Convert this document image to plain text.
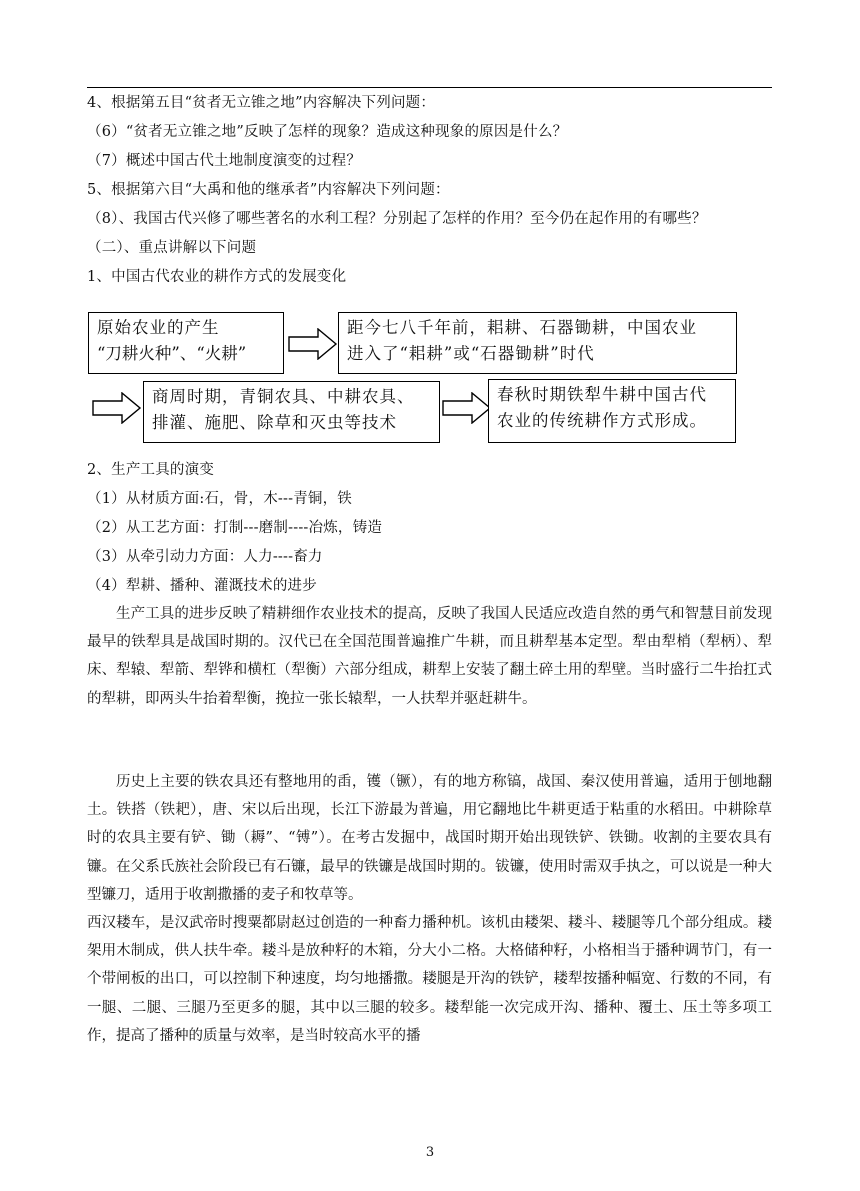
4、根据第五目“贫者无立锥之地”内容解决下列问题：
（6）“贫者无立锥之地”反映了怎样的现象？造成这种现象的原因是什么？
（7）概述中国古代土地制度演变的过程？
5、根据第六目“大禹和他的继承者”内容解决下列问题：
（8）、我国古代兴修了哪些著名的水利工程？分别起了怎样的作用？至今仍在起作用的有哪些？
（二）、重点讲解以下问题
1、中国古代农业的耕作方式的发展变化
原始农业的产生
“刀耕火种”、“火耕”
距今七八千年前，耜耕、石器锄耕，中国农业
进入了“耜耕”或“石器锄耕”时代
商周时期，青铜农具、中耕农具、
排灌、施肥、除草和灭虫等技术
春秋时期铁犁牛耕中国古代
农业的传统耕作方式形成。
2、生产工具的演变
（1）从材质方面:石，骨，木---青铜，铁
（2）从工艺方面：打制---磨制----冶炼，铸造
（3）从牵引动力方面：人力----畜力
（4）犁耕、播种、灌溉技术的进步
生产工具的进步反映了精耕细作农业技术的提高，反映了我国人民适应改造自然的勇气和智慧目前发现最早的铁犁具是战国时期的。汉代已在全国范围普遍推广牛耕，而且耕犁基本定型。犁由犁梢（犁柄）、犁床、犁辕、犁箭、犁铧和横杠（犁衡）六部分组成，耕犁上安装了翻土碎土用的犁壁。当时盛行二牛抬扛式的犁耕，即两头牛抬着犁衡，挽拉一张长辕犁，一人扶犁并驱赶耕牛。
历史上主要的铁农具还有整地用的臿，镬（镢），有的地方称镐，战国、秦汉使用普遍，适用于刨地翻土。铁搭（铁耙），唐、宋以后出现，长江下游最为普遍，用它翻地比牛耕更适于粘重的水稻田。中耕除草时的农具主要有铲、锄（耨”、“镈”）。在考古发掘中，战国时期开始出现铁铲、铁锄。收割的主要农具有镰。在父系氏族社会阶段已有石镰，最早的铁镰是战国时期的。钹镰，使用时需双手执之，可以说是一种大型镰刀，适用于收割撒播的麦子和牧草等。
西汉耧车，是汉武帝时搜粟都尉赵过创造的一种畜力播种机。该机由耧架、耧斗、耧腿等几个部分组成。耧架用木制成，供人扶牛牵。耧斗是放种籽的木箱，分大小二格。大格储种籽，小格相当于播种调节门，有一个带闸板的出口，可以控制下种速度，均匀地播撒。耧腿是开沟的铁铲，耧犁按播种幅宽、行数的不同，有一腿、二腿、三腿乃至更多的腿，其中以三腿的较多。耧犁能一次完成开沟、播种、覆土、压土等多项工作，提高了播种的质量与效率，是当时较高水平的播
3
